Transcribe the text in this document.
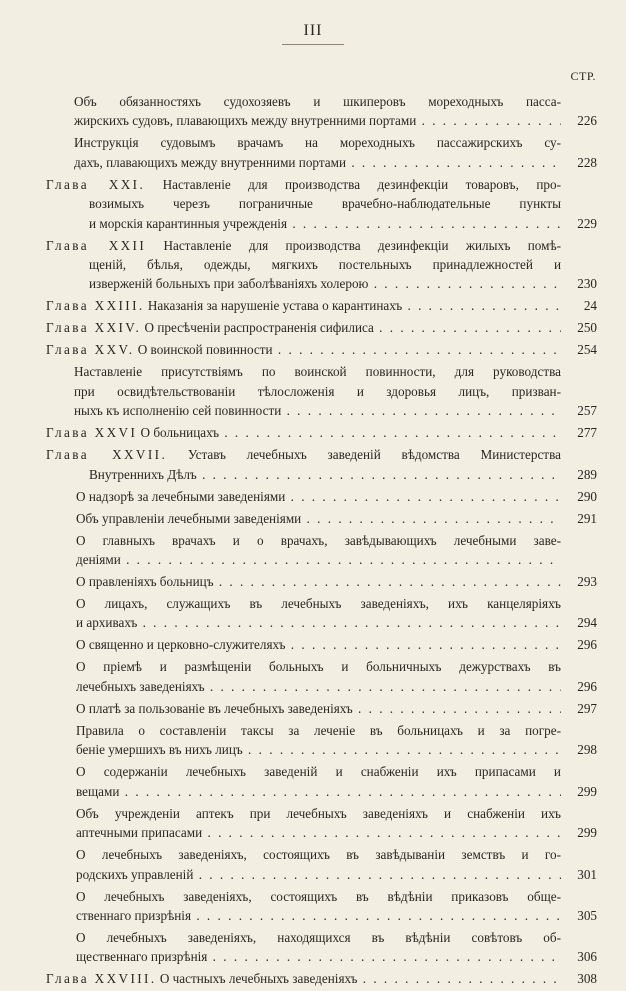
III
СТР.
Объ обязанностяхъ судохозяевъ и шкиперовъ мореходныхъ пасса-
жирскихъ судовъ, плавающихъ между внутренними портами . . .	226
Инструкція судовымъ врачамъ на мореходныхъ пассажирскихъ су-
дахъ, плавающихъ между внутренними портами . . .	228
Глава XXI. Наставленіе для производства дезинфекціи товаровъ, про-
возимыхъ черезъ пограничные врачебно-наблюдательные пункты
и морскія карантинныя учрежденія . . .	229
Глава XXII Наставленіе для производства дезинфекціи жилыхъ помѣ-
щеній, бѣлья, одежды, мягкихъ постельныхъ принадлежностей и
изверженій больныхъ при заболѣваніяхъ холерою . . .	230
Глава XXIII. Наказанія за нарушеніе устава о карантинахъ . . .	24
Глава XXIV. О пресѣченіи распространенія сифилиса . . .	250
Глава XXV. О воинской повинности . . .	254
Наставленіе присутствіямъ по воинской повинности, для руководства
при освидѣтельствованіи тѣлосложенія и здоровья лицъ, призван-
ныхъ къ исполненію сей повинности . . .	257
Глава XXVI О больницахъ . . .	277
Глава XXVII. Уставъ лечебныхъ заведеній вѣдомства Министерства
Внутреннихъ Дѣлъ . . .	289
О надзорѣ за лечебными заведеніями . . .	290
Объ управленіи лечебными заведеніями . . .	291
О главныхъ врачахъ и о врачахъ, завѣдывающихъ лечебными заве-
деніями . . .
О правленіяхъ больницъ . . .	293
О лицахъ, служащихъ въ лечебныхъ заведеніяхъ, ихъ канцеляріяхъ
и архивахъ . . .	294
О священно и церковно-служителяхъ . . .	296
О пріемѣ и размѣщеніи больныхъ и больничныхъ дежурствахъ въ
лечебныхъ заведеніяхъ . . .	296
О платѣ за пользованіе въ лечебныхъ заведеніяхъ . . .	297
Правила о составленіи таксы за леченіе въ больницахъ и за погре-
беніе умершихъ въ нихъ лицъ . . .	298
О содержаніи лечебныхъ заведеній и снабженіи ихъ припасами и
вещами . . .	299
Объ учрежденіи аптекъ при лечебныхъ заведеніяхъ и снабженіи ихъ
аптечными припасами . . .	299
О лечебныхъ заведеніяхъ, состоящихъ въ завѣдываніи земствъ и го-
родскихъ управленій . . .	301
О лечебныхъ заведеніяхъ, состоящихъ въ вѣдѣніи приказовъ обще-
ственнаго призрѣнія . . .	305
О лечебныхъ заведеніяхъ, находящихся въ вѣдѣніи совѣтовъ об-
щественнаго призрѣнія . . .	306
Глава XXVIII. О частныхъ лечебныхъ заведеніяхъ . . .	308
